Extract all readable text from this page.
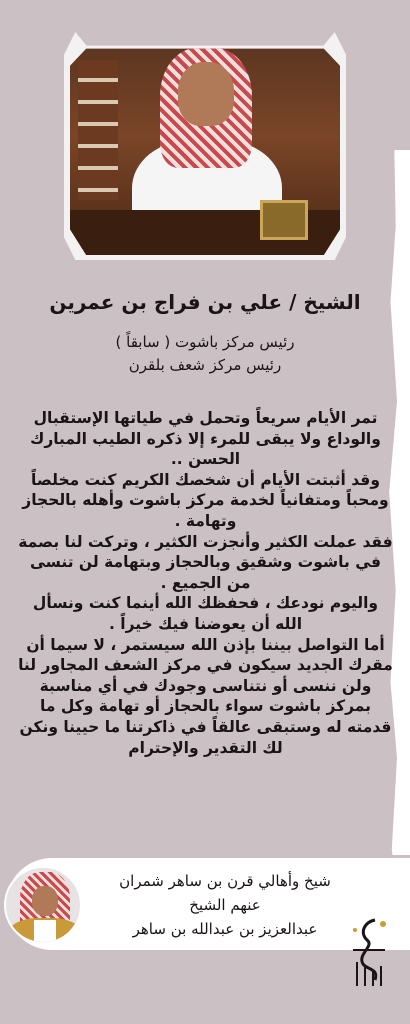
الشيخ / علي بن فراج بن عمرين
رئيس مركز باشوت ( سابقاً )
رئيس مركز شعف بلقرن

تمر الأيام سريعاً وتحمل في طياتها الإستقبال والوداع ولا يبقى للمرء إلا ذكره الطيب المبارك الحسن ..

وقد أثبتت الأيام أن شخصك الكريم كنت مخلصاً ومحباً ومتفانياً لخدمة مركز باشوت وأهله بالحجاز وتهامة .

فقد عملت الكثير وأنجزت الكثير ، وتركت لنا بصمة في باشوت وشقيق وبالحجاز وبتهامة لن تنسى من الجميع .

واليوم نودعك ، فحفظك الله أينما كنت ونسأل الله أن يعوضنا فيك خيراً .

أما التواصل بيننا بإذن الله سيستمر ، لا سيما أن مقرك الجديد سيكون في مركز الشعف المجاور لنا ولن ننسى أو نتناسى وجودك في أي مناسبة بمركز باشوت سواء بالحجاز أو تهامة وكل ما قدمته له وستبقى عالقاً في ذاكرتنا ما حيينا ونكن لك التقدير والإحترام

شيخ وأهالي قرن بن ساهر شمران
عنهم الشيخ
عبدالعزيز بن عبدالله بن ساهر
